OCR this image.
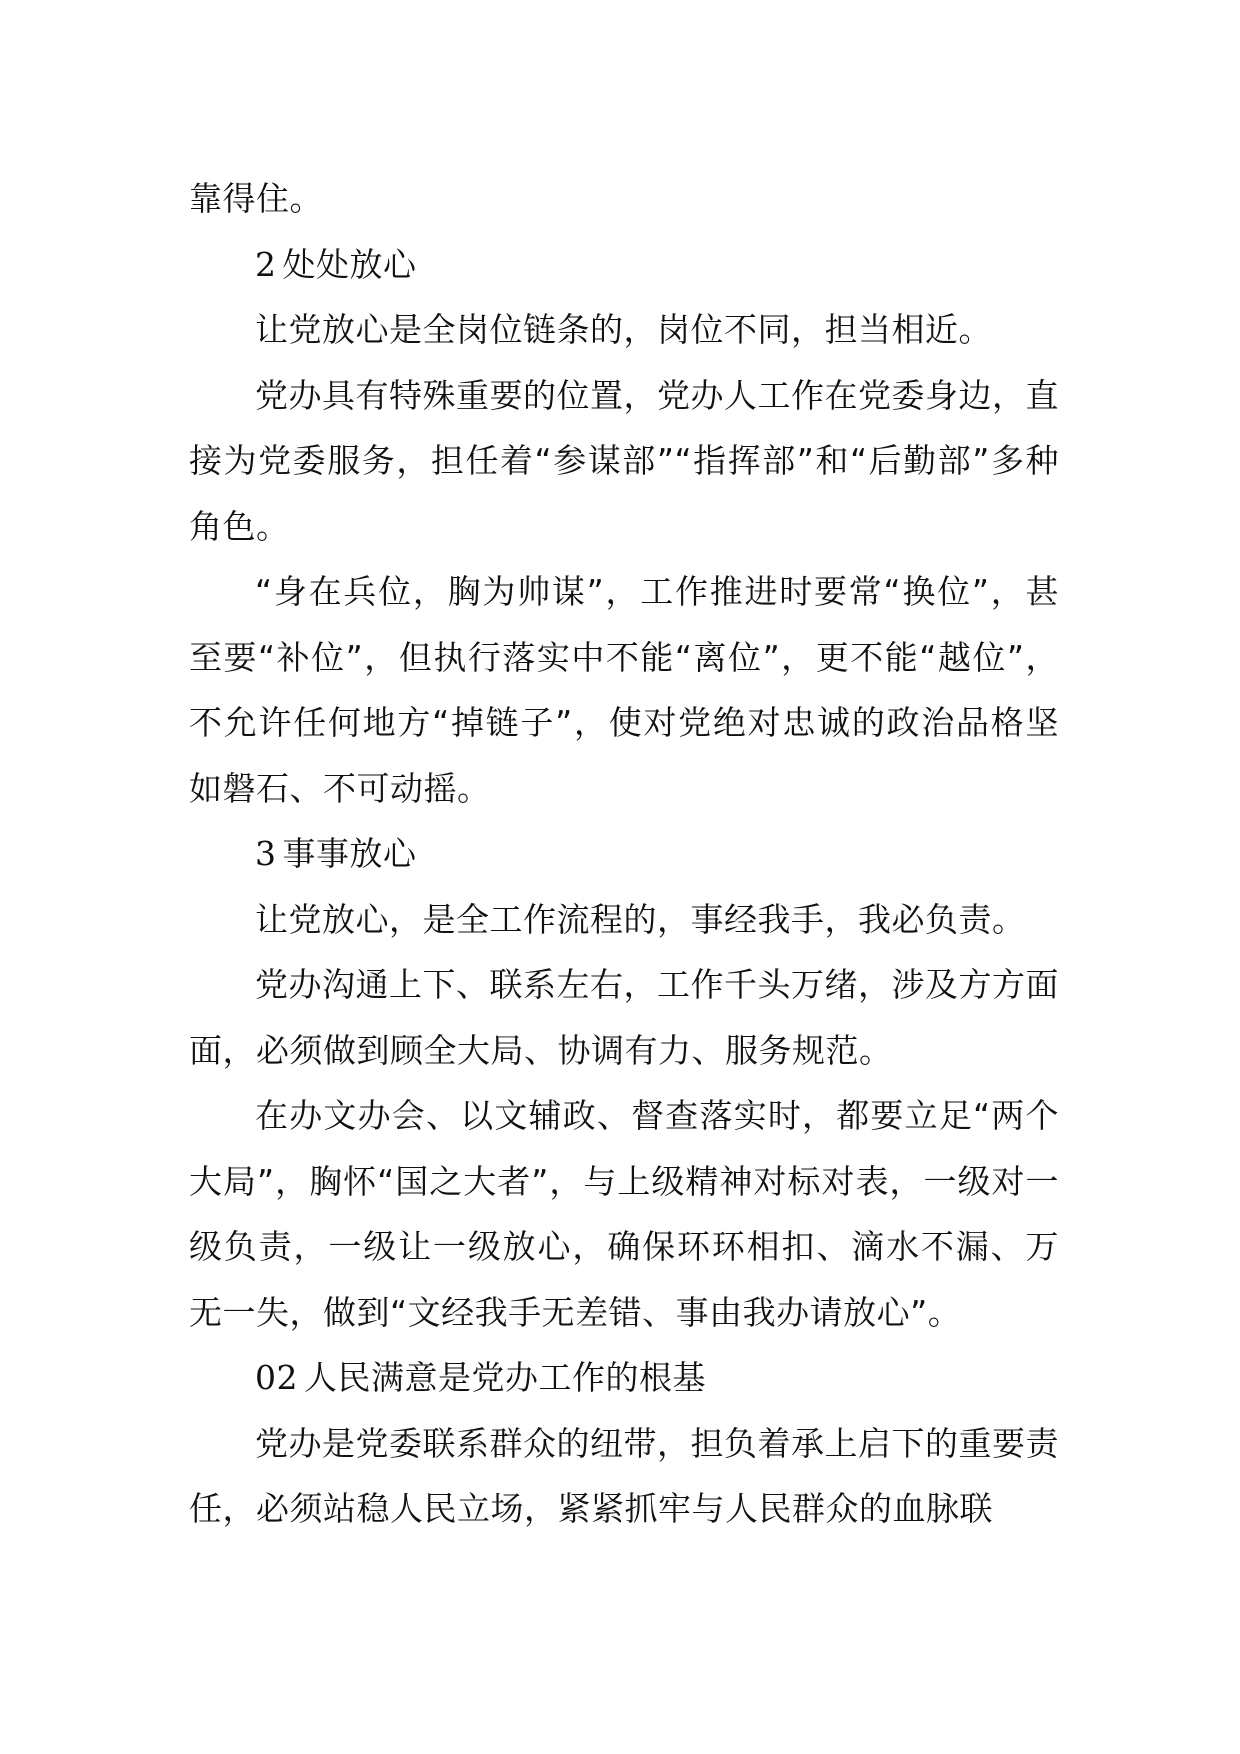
靠得住。

2 处处放心

让党放心是全岗位链条的，岗位不同，担当相近。

党办具有特殊重要的位置，党办人工作在党委身边，直接为党委服务，担任着“参谋部”“指挥部”和“后勤部”多种角色。

“身在兵位，胸为帅谋”，工作推进时要常“换位”，甚至要“补位”，但执行落实中不能“离位”，更不能“越位”，不允许任何地方“掉链子”，使对党绝对忠诚的政治品格坚如磐石、不可动摇。

3 事事放心

让党放心，是全工作流程的，事经我手，我必负责。

党办沟通上下、联系左右，工作千头万绪，涉及方方面面，必须做到顾全大局、协调有力、服务规范。

在办文办会、以文辅政、督查落实时，都要立足“两个大局”，胸怀“国之大者”，与上级精神对标对表，一级对一级负责，一级让一级放心，确保环环相扣、滴水不漏、万无一失，做到“文经我手无差错、事由我办请放心”。

02 人民满意是党办工作的根基

党办是党委联系群众的纽带，担负着承上启下的重要责任，必须站稳人民立场，紧紧抓牢与人民群众的血脉联
